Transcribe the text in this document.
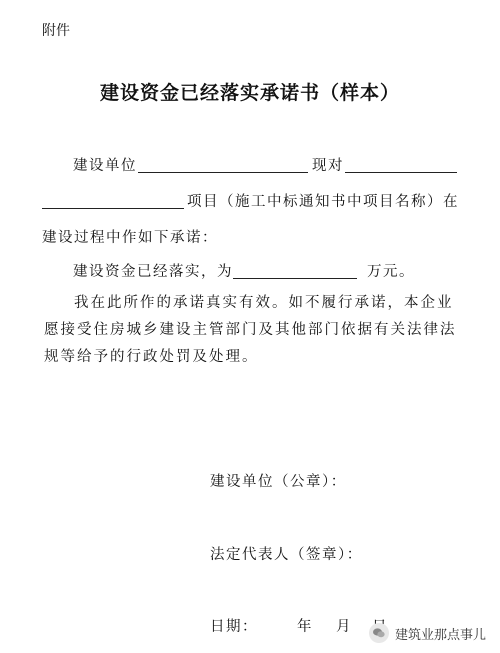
附件
建设资金已经落实承诺书（样本）
建设单位	现对
项目（施工中标通知书中项目名称）在
建设过程中作如下承诺：
建设资金已经落实，为	万元。
我在此所作的承诺真实有效。如不履行承诺，本企业愿接受住房城乡建设主管部门及其他部门依据有关法律法规等给予的行政处罚及处理。
建设单位（公章）：
法定代表人（签章）：
日期：	年 月	建筑业那点事儿
